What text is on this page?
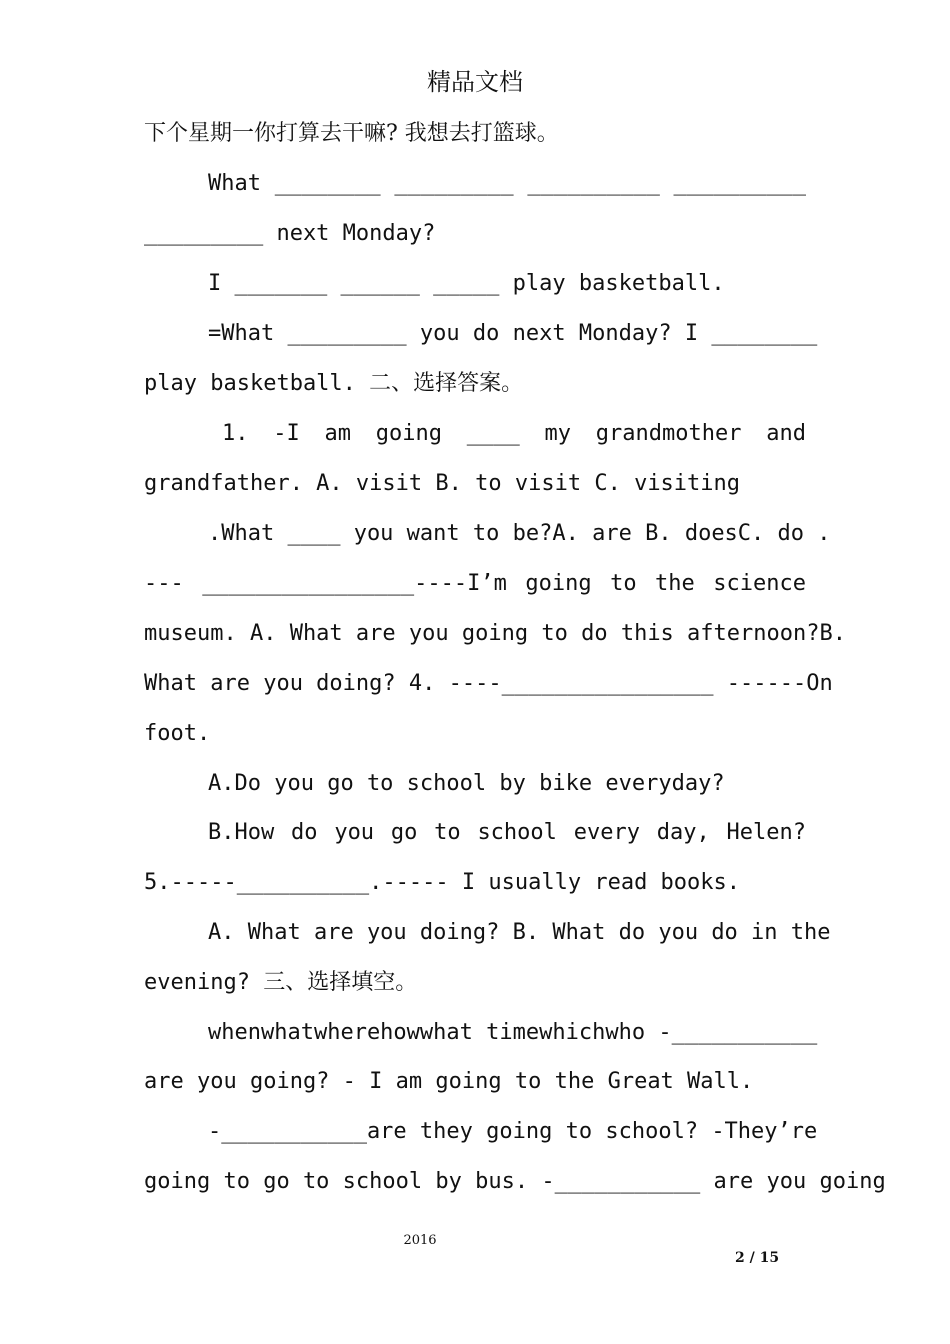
精品文档
下个星期一你打算去干嘛? 我想去打篮球。
What ________ _________ __________ __________
_________ next Monday?
I _______ ______ _____ play basketball.
=What _________ you do next Monday? I ________
play basketball. 二、选择答案。
1. -I am going ____ my grandmother and
grandfather. A. visit B. to visit C. visiting
.What ____ you want to be?A. are B. doesC. do .
--- ________________----I’m going to the science
museum. A. What are you going to do this afternoon?B.
What are you doing? 4. ----________________ ------On
foot.
A.Do you go to school by bike everyday?
B.How do you go to school every day, Helen?
5.-----__________.----- I usually read books.
A. What are you doing? B. What do you do in the
evening? 三、选择填空。
whenwhatwherehowwhat timewhichwho -___________
are you going? - I am going to the Great Wall.
-___________are they going to school? -They’re
going to go to school by bus. -___________ are you going
2016
2 / 15
